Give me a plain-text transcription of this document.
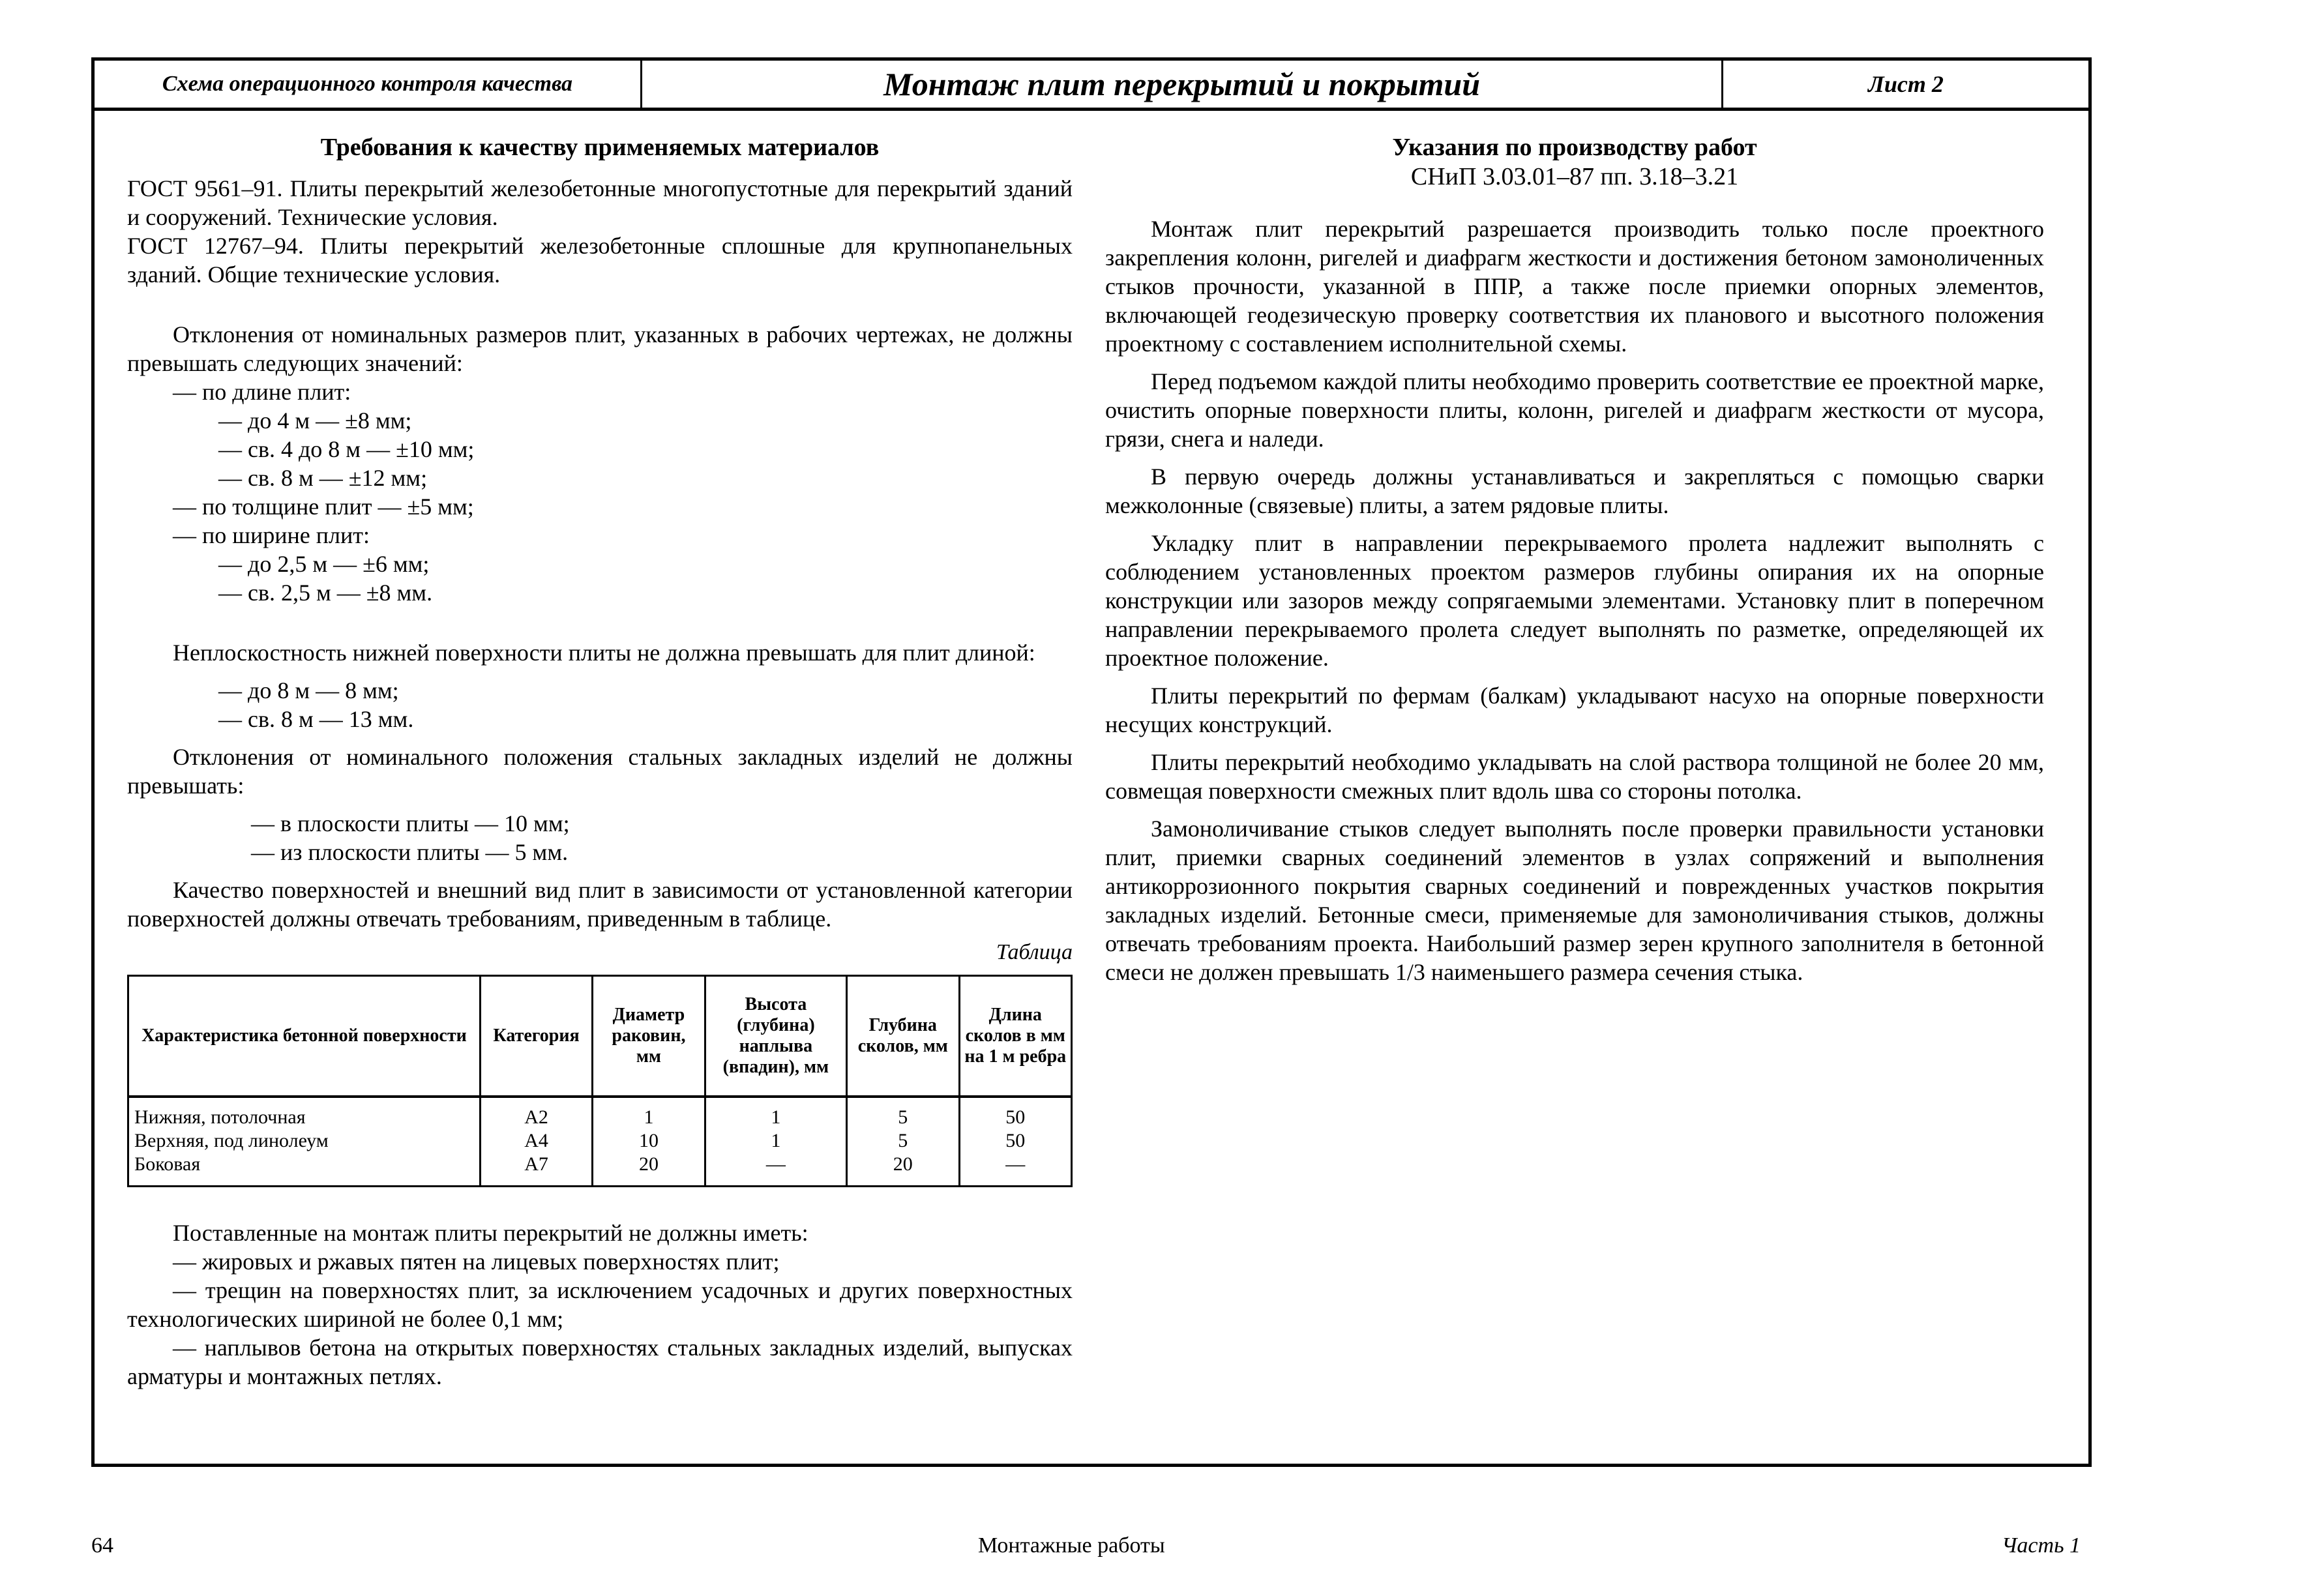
Схема операционного контроля качества	Монтаж плит перекрытий и покрытий	Лист 2
Требования к качеству применяемых материалов

ГОСТ 9561–91. Плиты перекрытий железобетонные многопустотные для перекрытий зданий и сооружений. Технические условия.

ГОСТ 12767–94. Плиты перекрытий железобетонные сплошные для крупнопанельных зданий. Общие технические условия.

Отклонения от номинальных размеров плит, указанных в рабочих чертежах, не должны превышать следующих значений:

— по длине плит:

— до 4 м — ±8 мм;

— св. 4 до 8 м — ±10 мм;

— св. 8 м — ±12 мм;

— по толщине плит — ±5 мм;

— по ширине плит:

— до 2,5 м — ±6 мм;

— св. 2,5 м — ±8 мм.

Неплоскостность нижней поверхности плиты не должна превышать для плит длиной:

— до 8 м — 8 мм;

— св. 8 м — 13 мм.

Отклонения от номинального положения стальных закладных изделий не должны превышать:

— в плоскости плиты — 10 мм;

— из плоскости плиты — 5 мм.

Качество поверхностей и внешний вид плит в зависимости от установленной категории поверхностей должны отвечать требованиям, приведенным в таблице.

Таблица
Характеристика бетонной поверхности	Категория	Диаметр раковин, мм	Высота (глубина) наплыва (впадин), мм	Глубина сколов, мм	Длина сколов в мм на 1 м ребра
Нижняя, потолочная	А2	1	1	5	50
Верхняя, под линолеум	А4	10	1	5	50
Боковая	А7	20	—	20	—

Поставленные на монтаж плиты перекрытий не должны иметь:

— жировых и ржавых пятен на лицевых поверхностях плит;

— трещин на поверхностях плит, за исключением усадочных и других поверхностных технологических шириной не более 0,1 мм;

— наплывов бетона на открытых поверхностях стальных закладных изделий, выпусках арматуры и монтажных петлях.

Указания по производству работ
СНиП 3.03.01–87 пп. 3.18–3.21

Монтаж плит перекрытий разрешается производить только после проектного закрепления колонн, ригелей и диафрагм жесткости и достижения бетоном замоноличенных стыков прочности, указанной в ППР, а также после приемки опорных элементов, включающей геодезическую проверку соответствия их планового и высотного положения проектному с составлением исполнительной схемы.

Перед подъемом каждой плиты необходимо проверить соответствие ее проектной марке, очистить опорные поверхности плиты, колонн, ригелей и диафрагм жесткости от мусора, грязи, снега и наледи.

В первую очередь должны устанавливаться и закрепляться с помощью сварки межколонные (связевые) плиты, а затем рядовые плиты.

Укладку плит в направлении перекрываемого пролета надлежит выполнять с соблюдением установленных проектом размеров глубины опирания их на опорные конструкции или зазоров между сопрягаемыми элементами. Установку плит в поперечном направлении перекрываемого пролета следует выполнять по разметке, определяющей их проектное положение.

Плиты перекрытий по фермам (балкам) укладывают насухо на опорные поверхности несущих конструкций.

Плиты перекрытий необходимо укладывать на слой раствора толщиной не более 20 мм, совмещая поверхности смежных плит вдоль шва со стороны потолка.

Замоноличивание стыков следует выполнять после проверки правильности установки плит, приемки сварных соединений элементов в узлах сопряжений и выполнения антикоррозионного покрытия сварных соединений и поврежденных участков покрытия закладных изделий. Бетонные смеси, применяемые для замоноличивания стыков, должны отвечать требованиям проекта. Наибольший размер зерен крупного заполнителя в бетонной смеси не должен превышать 1/3 наименьшего размера сечения стыка.

64	Монтажные работы	Часть 1
